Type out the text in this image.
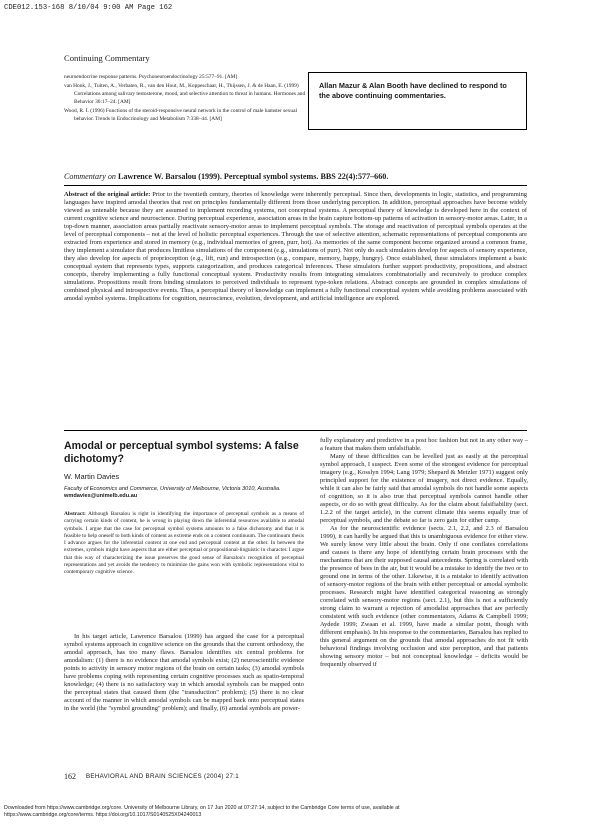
CDE012.153-168 8/10/04 9:00 AM Page 162
Continuing Commentary

neuroendocrine response patterns. Psychoneuroendocrinology 25:577–91. [AM]

van Honk, J., Tuiten, A., Verbaten, R., van den Hout, M., Koppeschaar, H., Thijssen, J. & de Haan, E. (1999) Correlations among salivary testosterone, mood, and selective attention to threat in humans. Hormones and Behavior 36:17–24. [AM]

Wood, R. I. (1996) Functions of the steroid-responsive neural network in the control of male hamster sexual behavior. Trends in Endocrinology and Metabolism 7:338–44. [AM]

Allan Mazur & Alan Booth have declined to respond to the above continuing commentaries.
Commentary on Lawrence W. Barsalou (1999). Perceptual symbol systems. BBS 22(4):577–660.
Abstract of the original article: Prior to the twentieth century, theories of knowledge were inherently perceptual. Since then, developments in logic, statistics, and programming languages have inspired amodal theories that rest on principles fundamentally different from those underlying perception. In addition, perceptual approaches have become widely viewed as untenable because they are assumed to implement recording systems, not conceptual systems. A perceptual theory of knowledge is developed here in the context of current cognitive science and neuroscience. During perceptual experience, association areas in the brain capture bottom-up patterns of activation in sensory-motor areas. Later, in a top-down manner, association areas partially reactivate sensory-motor areas to implement perceptual symbols. The storage and reactivation of perceptual symbols operates at the level of perceptual components – not at the level of holistic perceptual experiences. Through the use of selective attention, schematic representations of perceptual components are extracted from experience and stored in memory (e.g., individual memories of green, purr, hot). As memories of the same component become organized around a common frame, they implement a simulator that produces limitless simulations of the component (e.g., simulations of purr). Not only do such simulators develop for aspects of sensory experience, they also develop for aspects of proprioception (e.g., lift, run) and introspection (e.g., compare, memory, happy, hungry). Once established, these simulators implement a basic conceptual system that represents types, supports categorization, and produces categorical inferences. These simulators further support productivity, propositions, and abstract concepts, thereby implementing a fully functional conceptual system. Productivity results from integrating simulators combinatorially and recursively to produce complex simulations. Propositions result from binding simulators to perceived individuals to represent type-token relations. Abstract concepts are grounded in complex simulations of combined physical and introspective events. Thus, a perceptual theory of knowledge can implement a fully functional conceptual system while avoiding problems associated with amodal symbol systems. Implications for cognition, neuroscience, evolution, development, and artificial intelligence are explored.
Amodal or perceptual symbol systems: A false dichotomy?
W. Martin Davies
Faculty of Economics and Commerce, University of Melbourne, Victoria 3010, Australia. wmdavies@unimelb.edu.au
Abstract: Although Barsalou is right in identifying the importance of perceptual symbols as a means of carrying certain kinds of content, he is wrong in playing down the inferential resources available to amodal symbols. I argue that the case for perceptual symbol systems amounts to a false dichotomy and that it is feasible to help oneself to both kinds of content as extreme ends on a content continuum. The continuum thesis I advance argues for the inferential content at one end and perceptual content at the other. In between the extremes, symbols might have aspects that are either perceptual or propositional-linguistic in character. I argue that this way of characterizing the issue preserves the good sense of Barsalou's recognition of perceptual representations and yet avoids the tendency to minimize the gains won with symbolic representations vital to contemporary cognitive science.

In his target article, Lawrence Barsalou (1999) has argued the case for a perceptual symbol systems approach in cognitive science on the grounds that the current orthodoxy, the amodal approach, has too many flaws. Barsalou identifies six central problems for amodalism: (1) there is no evidence that amodal symbols exist; (2) neuroscientific evidence points to activity in sensory motor regions of the brain on certain tasks; (3) amodal symbols have problems coping with representing certain cognitive processes such as spatio-temporal knowledge; (4) there is no satisfactory way in which amodal symbols can be mapped onto the perceptual states that caused them (the "transduction" problem); (5) there is no clear account of the manner in which amodal symbols can be mapped back onto perceptual states in the world (the "symbol grounding" problem); and finally, (6) amodal symbols are power-

fully explanatory and predictive in a post hoc fashion but not in any other way – a feature that makes them unfalsifiable.

Many of these difficulties can be levelled just as easily at the perceptual symbol approach, I suspect. Even some of the strongest evidence for perceptual imagery (e.g., Kosslyn 1994; Lang 1979; Shepard & Metzler 1971) suggest only principled support for the existence of imagery, not direct evidence. Equally, while it can also be fairly said that amodal symbols do not handle some aspects of cognition, so it is also true that perceptual symbols cannot handle other aspects, or do so with great difficulty. As for the claim about falsifiability (sect. 1.2.2 of the target article), in the current climate this seems equally true of perceptual symbols, and the debate so far is zero gain for either camp.

As for the neuroscientific evidence (sects. 2.1, 2.2, and 2.3 of Barsalou 1999), it can hardly be argued that this is unambiguous evidence for either view. We surely know very little about the brain. Only if one conflates correlations and causes is there any hope of identifying certain brain processes with the mechanisms that are their supposed causal antecedents. Spring is correlated with the presence of bees in the air, but it would be a mistake to identify the two or to ground one in terms of the other. Likewise, it is a mistake to identify activation of sensory-motor regions of the brain with either perceptual or amodal symbolic processes. Research might have identified categorical reasoning as strongly correlated with sensory-motor regions (sect. 2.1), but this is not a sufficiently strong claim to warrant a rejection of amodalist approaches that are perfectly consistent with such evidence (other commentators, Adams & Campbell 1999; Aydede 1999; Zwaan et al. 1999, have made a similar point, though with different emphasis). In his response to the commentaries, Barsalou has replied to this general argument on the grounds that amodal approaches do not fit with behavioral findings involving occlusion and size perception, and that patients showing sensory motor – but not conceptual knowledge – deficits would be frequently observed if

162 BEHAVIORAL AND BRAIN SCIENCES (2004) 27:1
Downloaded from https://www.cambridge.org/core. University of Melbourne Library, on 17 Jun 2020 at 07:27:14, subject to the Cambridge Core terms of use, available at
https://www.cambridge.org/core/terms. https://doi.org/10.1017/S0140525X04240013
